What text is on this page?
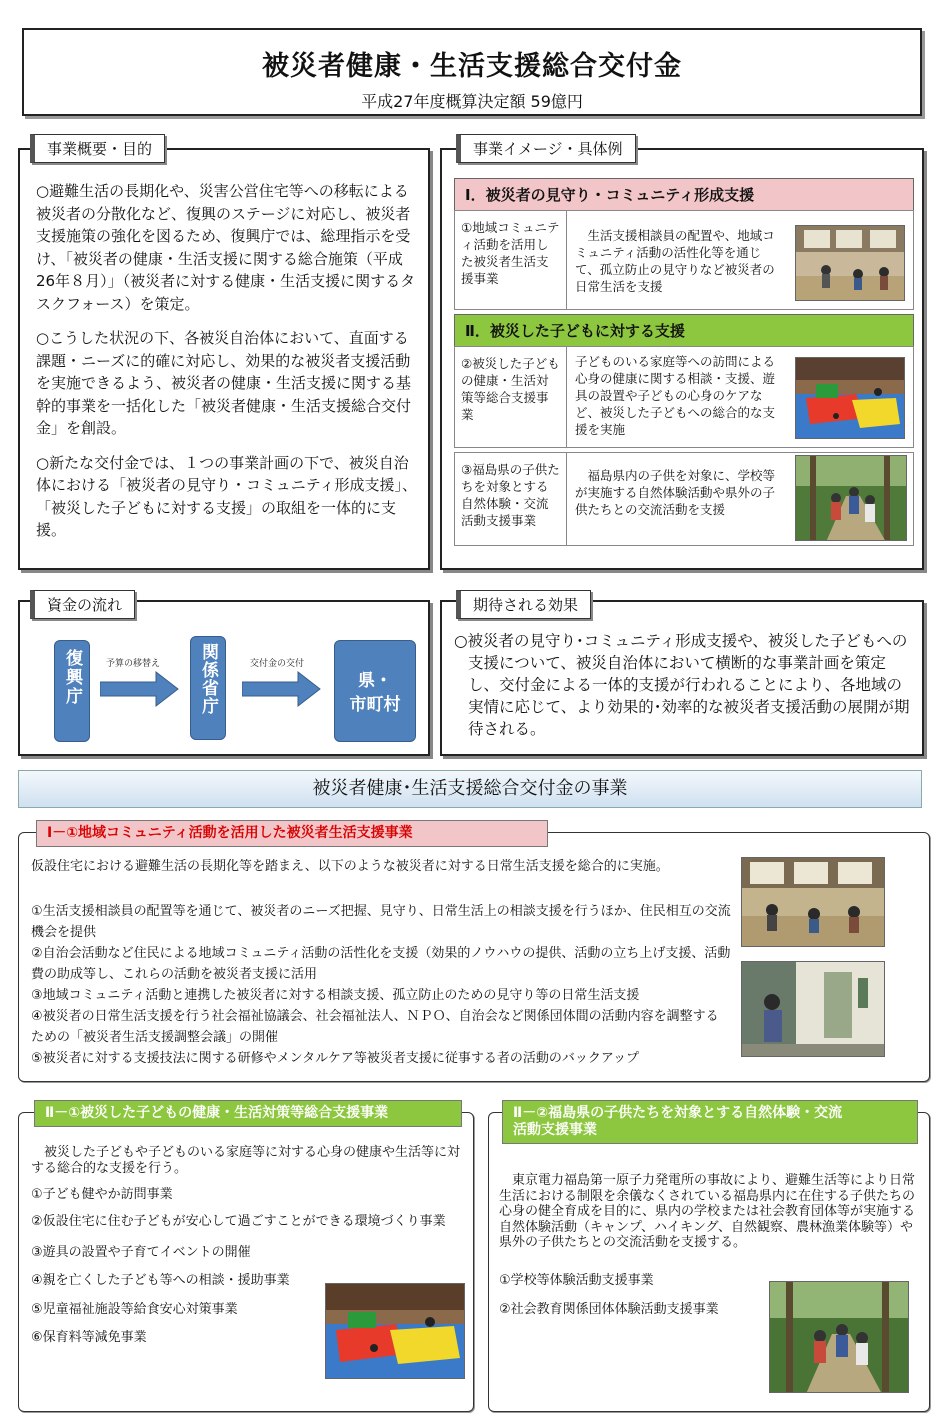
被災者健康・生活支援総合交付金
平成27年度概算決定額 59億円

○避難生活の長期化や、災害公営住宅等への移転による被災者の分散化など、復興のステージに対応し、被災者支援施策の強化を図るため、復興庁では、総理指示を受け、「被災者の健康・生活支援に関する総合施策（平成26年８月）」（被災者に対する健康・生活支援に関するタスクフォース）を策定。

○こうした状況の下、各被災自治体において、直面する課題・ニーズに的確に対応し、効果的な被災者支援活動を実施できるよう、被災者の健康・生活支援に関する基幹的事業を一括化した「被災者健康・生活支援総合交付金」を創設。

○新たな交付金では、１つの事業計画の下で、被災自治体における「被災者の見守り・コミュニティ形成支援」、「被災した子どもに対する支援」の取組を一体的に支援。

事業概要・目的
Ⅰ．被災者の見守り・コミュニティ形成支援
①地域コミュニティ活動を活用した被災者生活支援事業
　生活支援相談員の配置や、地域コミュニティ活動の活性化等を通じて、孤立防止の見守りなど被災者の日常生活を支援
Ⅱ．被災した子どもに対する支援
②被災した子どもの健康・生活対策等総合支援事業
子どものいる家庭等への訪問による心身の健康に関する相談・支援、遊具の設置や子どもの心身のケアなど、被災した子どもへの総合的な支援を実施
③福島県の子供たちを対象とする自然体験・交流活動支援事業
　福島県内の子供を対象に、学校等が実施する自然体験活動や県外の子供たちとの交流活動を支援
事業イメージ・具体例
復興庁	予算の移替え	関係省庁	交付金の交付
県・
市町村
資金の流れ

○被災者の見守り･コミュニティ形成支援や、被災した子どもへの支援について、被災自治体において横断的な事業計画を策定し、交付金による一体的支援が行われることにより、各地域の実情に応じて、より効果的･効率的な被災者支援活動の展開が期待される。

期待される効果
被災者健康･生活支援総合交付金の事業

仮設住宅における避難生活の長期化等を踏まえ、以下のような被災者に対する日常生活支援を総合的に実施。

①生活支援相談員の配置等を通じて、被災者のニーズ把握、見守り、日常生活上の相談支援を行うほか、住民相互の交流機会を提供

②自治会活動など住民による地域コミュニティ活動の活性化を支援（効果的ノウハウの提供、活動の立ち上げ支援、活動費の助成等し、これらの活動を被災者支援に活用

③地域コミュニティ活動と連携した被災者に対する相談支援、孤立防止のための見守り等の日常生活支援

④被災者の日常生活支援を行う社会福祉協議会、社会福祉法人、ＮＰＯ、自治会など関係団体間の活動内容を調整するための「被災者生活支援調整会議」の開催

⑤被災者に対する支援技法に関する研修やメンタルケア等被災者支援に従事する者の活動のバックアップ

Ⅰ－①地域コミュニティ活動を活用した被災者生活支援事業

　被災した子どもや子どものいる家庭等に対する心身の健康や生活等に対する総合的な支援を行う。

①子ども健やか訪問事業

②仮設住宅に住む子どもが安心して過ごすことができる環境づくり事業

③遊具の設置や子育てイベントの開催

④親を亡くした子ども等への相談・援助事業

⑤児童福祉施設等給食安心対策事業

⑥保育料等減免事業

Ⅱ－①被災した子どもの健康・生活対策等総合支援事業

　東京電力福島第一原子力発電所の事故により、避難生活等により日常生活における制限を余儀なくされている福島県内に在住する子供たちの心身の健全育成を目的に、県内の学校または社会教育団体等が実施する自然体験活動（キャンプ、ハイキング、自然観察、農林漁業体験等）や県外の子供たちとの交流活動を支援する。

①学校等体験活動支援事業

②社会教育関係団体体験活動支援事業

Ⅱ－②福島県の子供たちを対象とする自然体験・交流
活動支援事業
